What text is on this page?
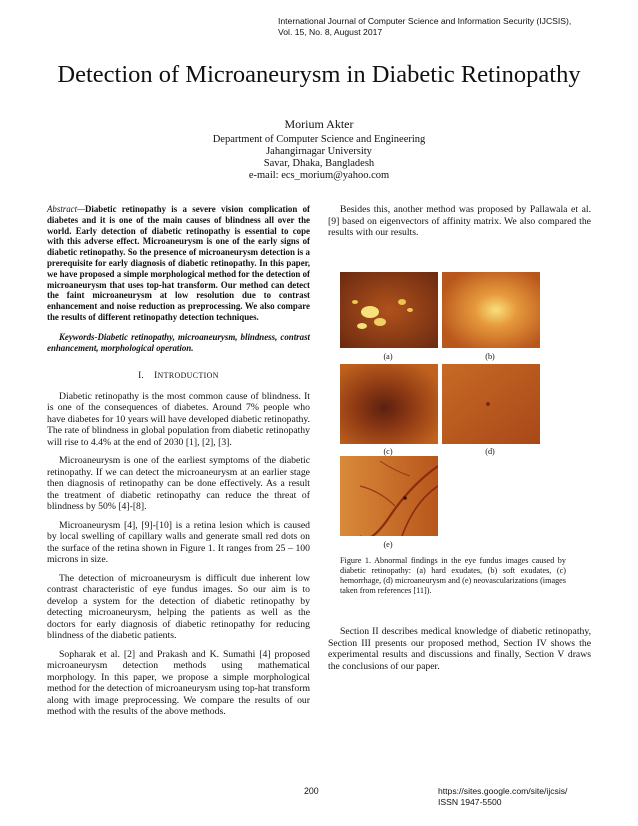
International Journal of Computer Science and Information Security (IJCSIS),
Vol. 15, No. 8, August 2017
Detection of Microaneurysm in Diabetic Retinopathy
Morium Akter
Department of Computer Science and Engineering
Jahangirnagar University
Savar, Dhaka, Bangladesh
e-mail: ecs_morium@yahoo.com
Abstract—Diabetic retinopathy is a severe vision complication of diabetes and it is one of the main causes of blindness all over the world. Early detection of diabetic retinopathy is essential to cope with this adverse effect. Microaneurysm is one of the early signs of diabetic retinopathy. So the presence of microaneurysm detection is a prerequisite for early diagnosis of diabetic retinopathy. In this paper, we have proposed a simple morphological method for the detection of microaneurysm that uses top-hat transform. Our method can detect the faint microaneurysm at low resolution due to contrast enhancement and noise reduction as preprocessing. We also compare the results of different retinopathy detection techniques.
Keywords-Diabetic retinopathy, microaneurysm, blindness, contrast enhancement, morphological operation.
I. INTRODUCTION

Diabetic retinopathy is the most common cause of blindness. It is one of the consequences of diabetes. Around 7% people who have diabetes for 10 years will have developed diabetic retinopathy. The rate of blindness in global population from diabetic retinopathy will rise to 4.4% at the end of 2030 [1], [2], [3].

Microaneurysm is one of the earliest symptoms of the diabetic retinopathy. If we can detect the microaneurysm at an earlier stage then diagnosis of retinopathy can be done effectively. As a result the treatment of diabetic retinopathy can reduce the threat of blindness by 50% [4]-[8].

Microaneurysm [4], [9]-[10] is a retina lesion which is caused by local swelling of capillary walls and generate small red dots on the surface of the retina shown in Figure 1. It ranges from 25 – 100 microns in size.

The detection of microaneurysm is difficult due inherent low contrast characteristic of eye fundus images. So our aim is to develop a system for the detection of diabetic retinopathy by detecting microaneurysm, helping the patients as well as the doctors for early diagnosis of diabetic retinopathy for reducing blindness of the diabetic patients.

Sopharak et al. [2] and Prakash and K. Sumathi [4] proposed microaneurysm detection methods using mathematical morphology. In this paper, we propose a simple morphological method for the detection of microaneurysm using top-hat transform along with image preprocessing. We compare the results of our method with the results of the above methods.

Besides this, another method was proposed by Pallawala et al. [9] based on eigenvectors of affinity matrix. We also compared the results with our results.

(a)	(b)
(c)	(d)
(e)
Figure 1. Abnormal findings in the eye fundus images caused by diabetic retinopathy: (a) hard exudates, (b) soft exudates, (c) hemorrhage, (d) microaneurysm and (e) neovascularizations (images taken from references [11]).
Section II describes medical knowledge of diabetic retinopathy, Section III presents our proposed method, Section IV shows the experimental results and discussions and finally, Section V draws the conclusions of our paper.
200	https://sites.google.com/site/ijcsis/
ISSN 1947-5500
